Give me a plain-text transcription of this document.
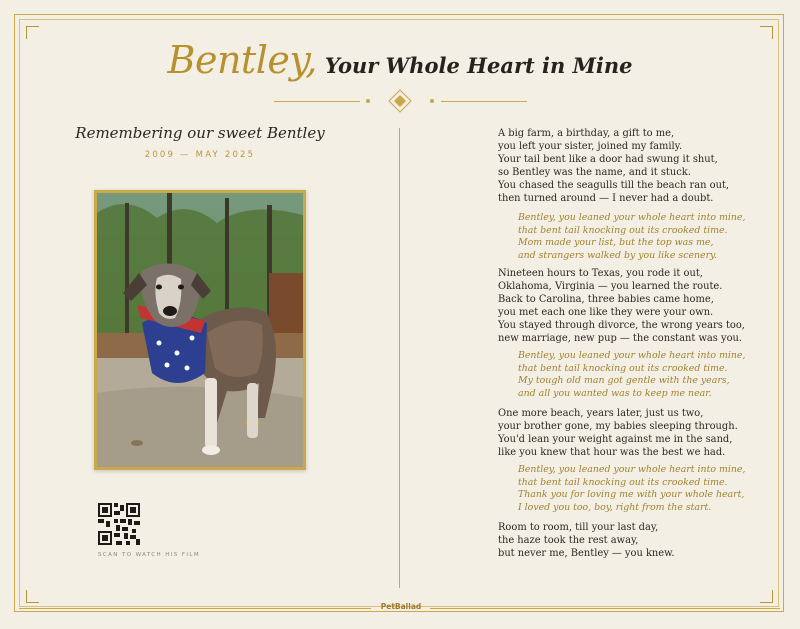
Bentley, Your Whole Heart in Mine
Remembering our sweet Bentley
2009 — MAY 2025
SCAN TO WATCH HIS FILM
A big farm, a birthday, a gift to me,
you left your sister, joined my family.
Your tail bent like a door had swung it shut,
so Bentley was the name, and it stuck.
You chased the seagulls till the beach ran out,
then turned around — I never had a doubt.
Bentley, you leaned your whole heart into mine,
that bent tail knocking out its crooked time.
Mom made your list, but the top was me,
and strangers walked by you like scenery.
Nineteen hours to Texas, you rode it out,
Oklahoma, Virginia — you learned the route.
Back to Carolina, three babies came home,
you met each one like they were your own.
You stayed through divorce, the wrong years too,
new marriage, new pup — the constant was you.
Bentley, you leaned your whole heart into mine,
that bent tail knocking out its crooked time.
My tough old man got gentle with the years,
and all you wanted was to keep me near.
One more beach, years later, just us two,
your brother gone, my babies sleeping through.
You'd lean your weight against me in the sand,
like you knew that hour was the best we had.
Bentley, you leaned your whole heart into mine,
that bent tail knocking out its crooked time.
Thank you for loving me with your whole heart,
I loved you too, boy, right from the start.
Room to room, till your last day,
the haze took the rest away,
but never me, Bentley — you knew.
PetBallad
